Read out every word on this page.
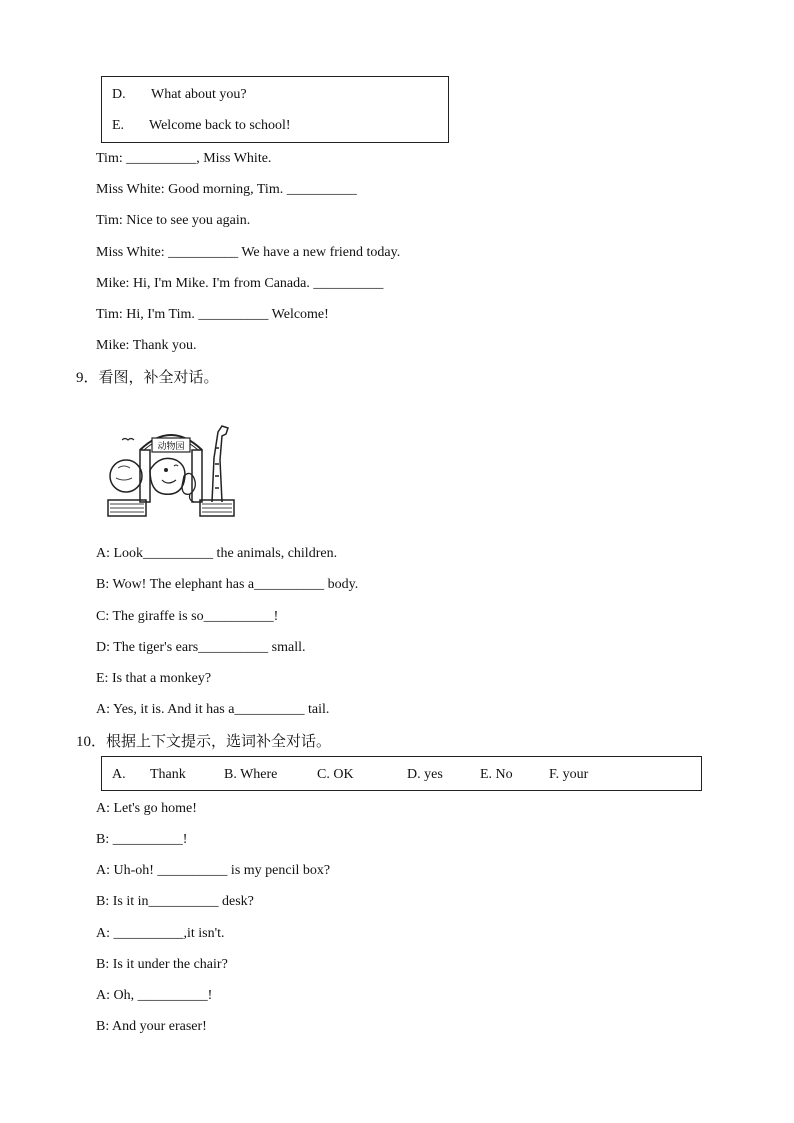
D. What about you?
E. Welcome back to school!
Tim: __________, Miss White.
Miss White: Good morning, Tim. __________
Tim: Nice to see you again.
Miss White: __________ We have a new friend today.
Mike: Hi, I'm Mike. I'm from Canada. __________
Tim: Hi, I'm Tim. __________ Welcome!
Mike: Thank you.
9．看图，补全对话。
动物园
A: Look__________ the animals, children.
B: Wow! The elephant has a__________ body.
C: The giraffe is so__________!
D: The tiger's ears__________ small.
E: Is that a monkey?
A: Yes, it is. And it has a__________ tail.
10．根据上下文提示，选词补全对话。
A. Thank	B. Where	C. OK	D. yes	E. No	F. your
A: Let's go home!
B: __________!
A: Uh-oh! __________ is my pencil box?
B: Is it in__________ desk?
A: __________,it isn't.
B: Is it under the chair?
A: Oh, __________!
B: And your eraser!
